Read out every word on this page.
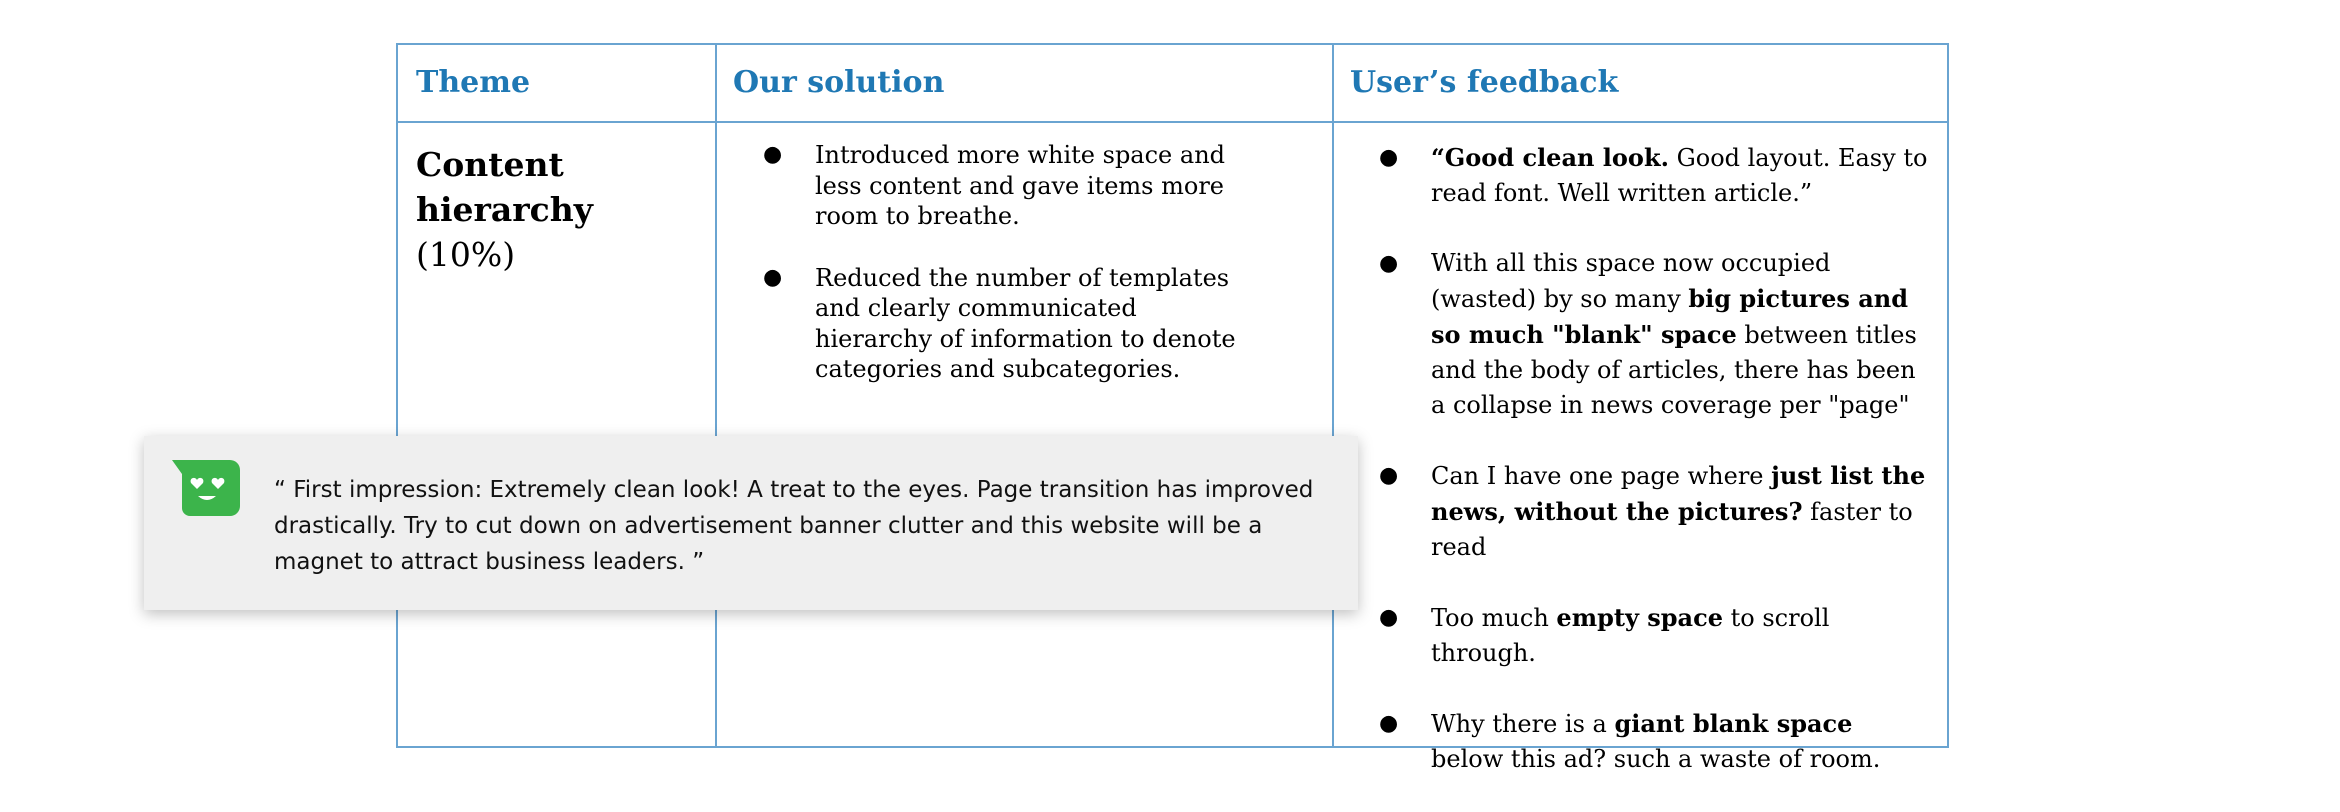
Theme	Our solution	User’s feedback
Content hierarchy
(10%)
● Introduced more white space and less content and gave items more room to breathe.
● Reduced the number of templates and clearly communicated hierarchy of information to denote categories and subcategories.
● “Good clean look. Good layout. Easy to read font. Well written article.”
● With all this space now occupied (wasted) by so many big pictures and so much "blank" space between titles and the body of articles, there has been a collapse in news coverage per "page"
● Can I have one page where just list the news, without the pictures? faster to read
● Too much empty space to scroll through.
● Why there is a giant blank space below this ad? such a waste of room.
“ First impression: Extremely clean look! A treat to the eyes. Page transition has improved drastically. Try to cut down on advertisement banner clutter and this website will be a magnet to attract business leaders. ”
